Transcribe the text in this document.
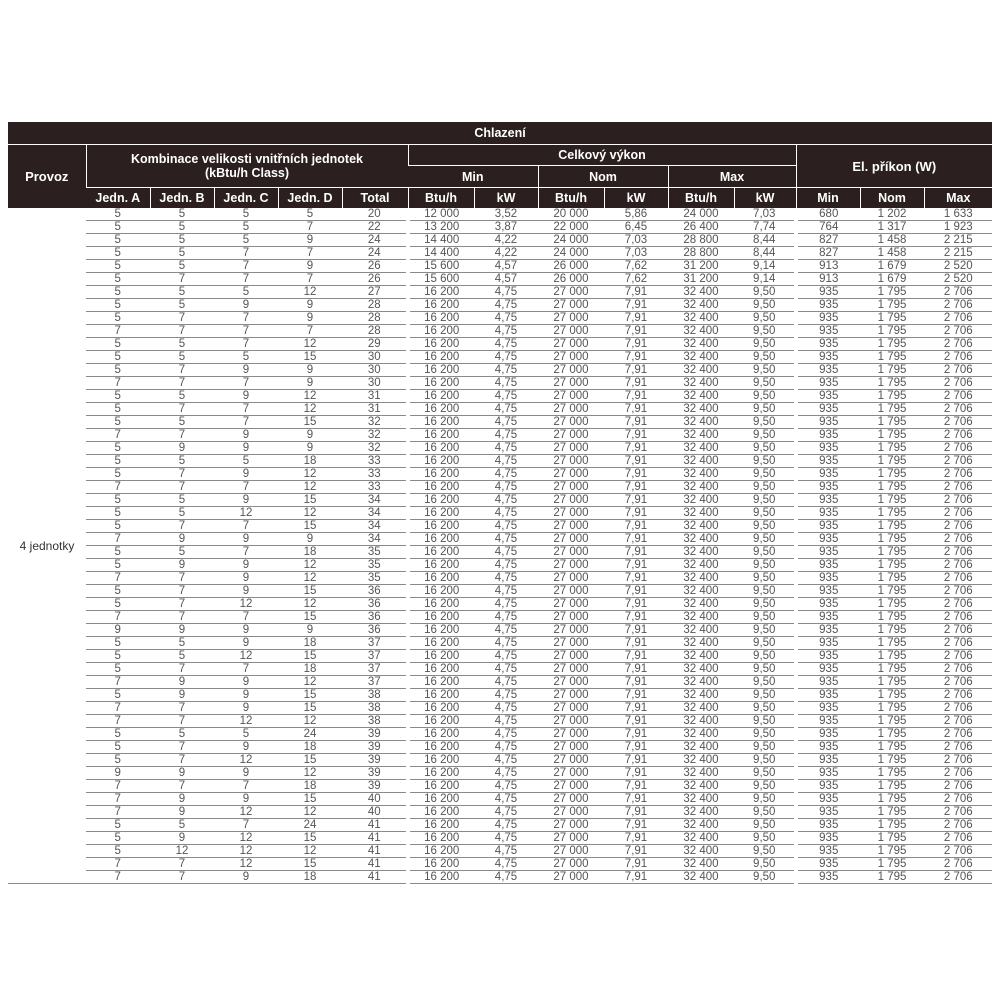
Chlazení														
Provoz	Kombinace velikosti vnitřních jednotek
(kBtu/h Class)					Celkový výkon						El. příkon (W)		
						Min		Nom		Max				
	Jedn. A	Jedn. B	Jedn. C	Jedn. D	Total	Btu/h	kW	Btu/h	kW	Btu/h	kW	Min	Nom	Max
4 jednotky	5	5	5	5	20	12 000	3,52	20 000	5,86	24 000	7,03	680	1 202	1 633
	5	5	5	7	22	13 200	3,87	22 000	6,45	26 400	7,74	764	1 317	1 923
	5	5	5	9	24	14 400	4,22	24 000	7,03	28 800	8,44	827	1 458	2 215
	5	5	7	7	24	14 400	4,22	24 000	7,03	28 800	8,44	827	1 458	2 215
	5	5	7	9	26	15 600	4,57	26 000	7,62	31 200	9,14	913	1 679	2 520
	5	7	7	7	26	15 600	4,57	26 000	7,62	31 200	9,14	913	1 679	2 520
	5	5	5	12	27	16 200	4,75	27 000	7,91	32 400	9,50	935	1 795	2 706
	5	5	9	9	28	16 200	4,75	27 000	7,91	32 400	9,50	935	1 795	2 706
	5	7	7	9	28	16 200	4,75	27 000	7,91	32 400	9,50	935	1 795	2 706
	7	7	7	7	28	16 200	4,75	27 000	7,91	32 400	9,50	935	1 795	2 706
	5	5	7	12	29	16 200	4,75	27 000	7,91	32 400	9,50	935	1 795	2 706
	5	5	5	15	30	16 200	4,75	27 000	7,91	32 400	9,50	935	1 795	2 706
	5	7	9	9	30	16 200	4,75	27 000	7,91	32 400	9,50	935	1 795	2 706
	7	7	7	9	30	16 200	4,75	27 000	7,91	32 400	9,50	935	1 795	2 706
	5	5	9	12	31	16 200	4,75	27 000	7,91	32 400	9,50	935	1 795	2 706
	5	7	7	12	31	16 200	4,75	27 000	7,91	32 400	9,50	935	1 795	2 706
	5	5	7	15	32	16 200	4,75	27 000	7,91	32 400	9,50	935	1 795	2 706
	7	7	9	9	32	16 200	4,75	27 000	7,91	32 400	9,50	935	1 795	2 706
	5	9	9	9	32	16 200	4,75	27 000	7,91	32 400	9,50	935	1 795	2 706
	5	5	5	18	33	16 200	4,75	27 000	7,91	32 400	9,50	935	1 795	2 706
	5	7	9	12	33	16 200	4,75	27 000	7,91	32 400	9,50	935	1 795	2 706
	7	7	7	12	33	16 200	4,75	27 000	7,91	32 400	9,50	935	1 795	2 706
	5	5	9	15	34	16 200	4,75	27 000	7,91	32 400	9,50	935	1 795	2 706
	5	5	12	12	34	16 200	4,75	27 000	7,91	32 400	9,50	935	1 795	2 706
	5	7	7	15	34	16 200	4,75	27 000	7,91	32 400	9,50	935	1 795	2 706
	7	9	9	9	34	16 200	4,75	27 000	7,91	32 400	9,50	935	1 795	2 706
	5	5	7	18	35	16 200	4,75	27 000	7,91	32 400	9,50	935	1 795	2 706
	5	9	9	12	35	16 200	4,75	27 000	7,91	32 400	9,50	935	1 795	2 706
	7	7	9	12	35	16 200	4,75	27 000	7,91	32 400	9,50	935	1 795	2 706
	5	7	9	15	36	16 200	4,75	27 000	7,91	32 400	9,50	935	1 795	2 706
	5	7	12	12	36	16 200	4,75	27 000	7,91	32 400	9,50	935	1 795	2 706
	7	7	7	15	36	16 200	4,75	27 000	7,91	32 400	9,50	935	1 795	2 706
	9	9	9	9	36	16 200	4,75	27 000	7,91	32 400	9,50	935	1 795	2 706
	5	5	9	18	37	16 200	4,75	27 000	7,91	32 400	9,50	935	1 795	2 706
	5	5	12	15	37	16 200	4,75	27 000	7,91	32 400	9,50	935	1 795	2 706
	5	7	7	18	37	16 200	4,75	27 000	7,91	32 400	9,50	935	1 795	2 706
	7	9	9	12	37	16 200	4,75	27 000	7,91	32 400	9,50	935	1 795	2 706
	5	9	9	15	38	16 200	4,75	27 000	7,91	32 400	9,50	935	1 795	2 706
	7	7	9	15	38	16 200	4,75	27 000	7,91	32 400	9,50	935	1 795	2 706
	7	7	12	12	38	16 200	4,75	27 000	7,91	32 400	9,50	935	1 795	2 706
	5	5	5	24	39	16 200	4,75	27 000	7,91	32 400	9,50	935	1 795	2 706
	5	7	9	18	39	16 200	4,75	27 000	7,91	32 400	9,50	935	1 795	2 706
	5	7	12	15	39	16 200	4,75	27 000	7,91	32 400	9,50	935	1 795	2 706
	9	9	9	12	39	16 200	4,75	27 000	7,91	32 400	9,50	935	1 795	2 706
	7	7	7	18	39	16 200	4,75	27 000	7,91	32 400	9,50	935	1 795	2 706
	7	9	9	15	40	16 200	4,75	27 000	7,91	32 400	9,50	935	1 795	2 706
	7	9	12	12	40	16 200	4,75	27 000	7,91	32 400	9,50	935	1 795	2 706
	5	5	7	24	41	16 200	4,75	27 000	7,91	32 400	9,50	935	1 795	2 706
	5	9	12	15	41	16 200	4,75	27 000	7,91	32 400	9,50	935	1 795	2 706
	5	12	12	12	41	16 200	4,75	27 000	7,91	32 400	9,50	935	1 795	2 706
	7	7	12	15	41	16 200	4,75	27 000	7,91	32 400	9,50	935	1 795	2 706
	7	7	9	18	41	16 200	4,75	27 000	7,91	32 400	9,50	935	1 795	2 706
